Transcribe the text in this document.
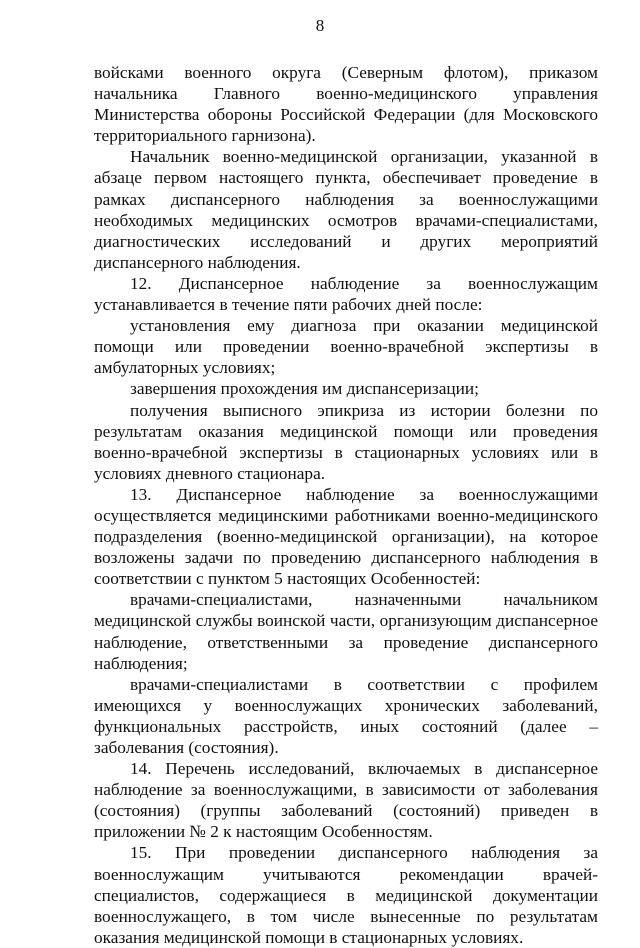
8

войсками военного округа (Северным флотом), приказом начальника Главного военно-медицинского управления Министерства обороны Российской Федерации (для Московского территориального гарнизона).

Начальник военно-медицинской организации, указанной в абзаце первом настоящего пункта, обеспечивает проведение в рамках диспансерного наблюдения за военнослужащими необходимых медицинских осмотров врачами-специалистами, диагностических исследований и других мероприятий диспансерного наблюдения.

12. Диспансерное наблюдение за военнослужащим устанавливается в течение пяти рабочих дней после:

установления ему диагноза при оказании медицинской помощи или проведении военно-врачебной экспертизы в амбулаторных условиях;

завершения прохождения им диспансеризации;

получения выписного эпикриза из истории болезни по результатам оказания медицинской помощи или проведения военно-врачебной экспертизы в стационарных условиях или в условиях дневного стационара.

13. Диспансерное наблюдение за военнослужащими осуществляется медицинскими работниками военно-медицинского подразделения (военно-медицинской организации), на которое возложены задачи по проведению диспансерного наблюдения в соответствии с пунктом 5 настоящих Особенностей:

врачами-специалистами, назначенными начальником медицинской службы воинской части, организующим диспансерное наблюдение, ответственными за проведение диспансерного наблюдения;

врачами-специалистами в соответствии с профилем имеющихся у военнослужащих хронических заболеваний, функциональных расстройств, иных состояний (далее – заболевания (состояния).

14. Перечень исследований, включаемых в диспансерное наблюдение за военнослужащими, в зависимости от заболевания (состояния) (группы заболеваний (состояний) приведен в приложении № 2 к настоящим Особенностям.

15. При проведении диспансерного наблюдения за военнослужащим учитываются рекомендации врачей-специалистов, содержащиеся в медицинской документации военнослужащего, в том числе вынесенные по результатам оказания медицинской помощи в стационарных условиях.
